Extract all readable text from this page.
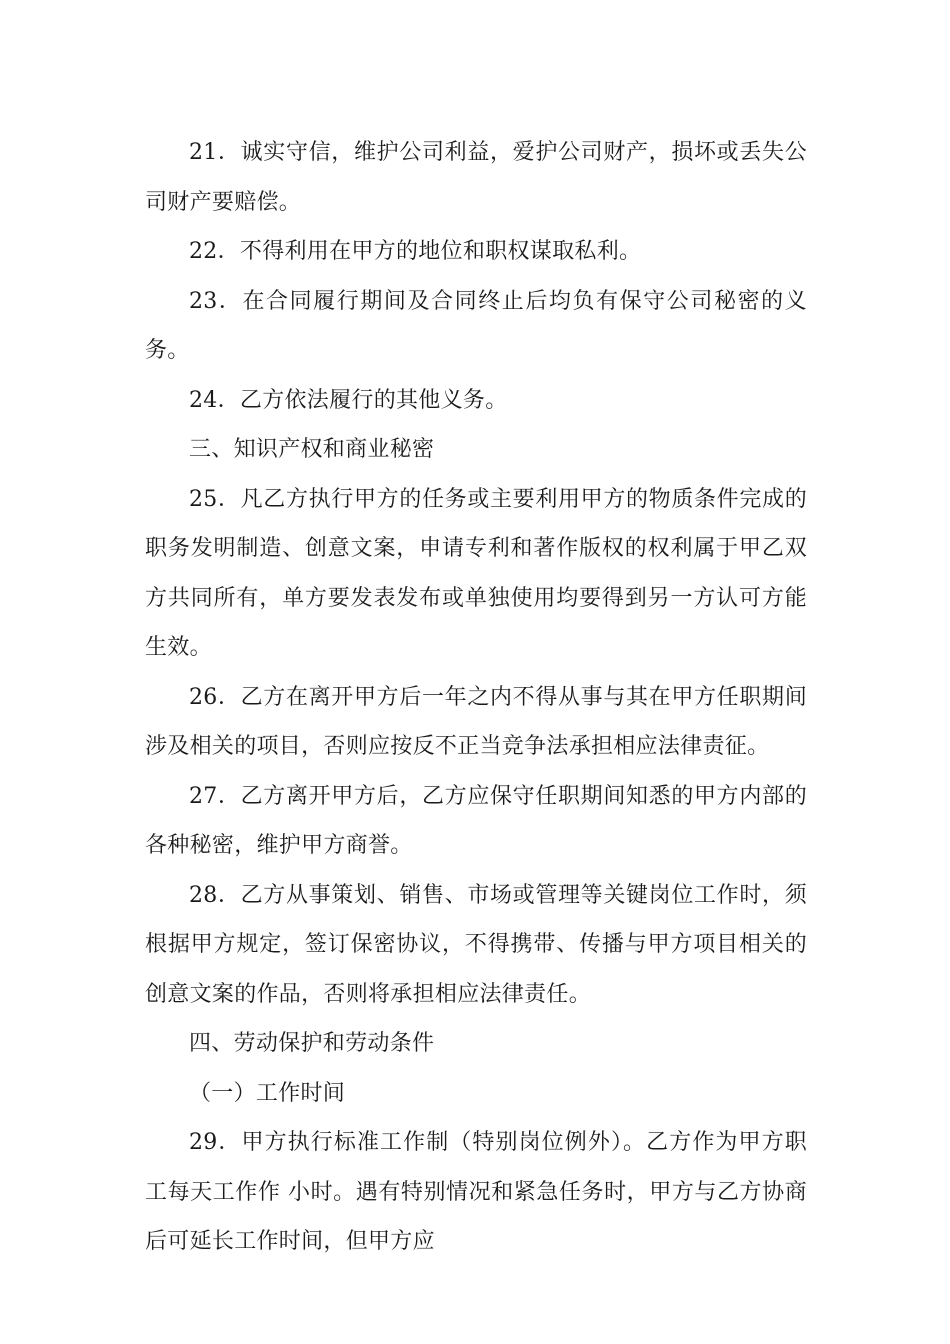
21．诚实守信，维护公司利益，爱护公司财产，损坏或丢失公司财产要赔偿。

22．不得利用在甲方的地位和职权谋取私利。

23．在合同履行期间及合同终止后均负有保守公司秘密的义务。

24．乙方依法履行的其他义务。

三、知识产权和商业秘密

25．凡乙方执行甲方的任务或主要利用甲方的物质条件完成的职务发明制造、创意文案，申请专利和著作版权的权利属于甲乙双方共同所有，单方要发表发布或单独使用均要得到另一方认可方能生效。

26．乙方在离开甲方后一年之内不得从事与其在甲方任职期间涉及相关的项目，否则应按反不正当竞争法承担相应法律责征。

27．乙方离开甲方后，乙方应保守任职期间知悉的甲方内部的各种秘密，维护甲方商誉。

28．乙方从事策划、销售、市场或管理等关键岗位工作时，须根据甲方规定，签订保密协议，不得携带、传播与甲方项目相关的创意文案的作品，否则将承担相应法律责任。

四、劳动保护和劳动条件

（一）工作时间

29．甲方执行标准工作制（特别岗位例外）。乙方作为甲方职工每天工作作 小时。遇有特别情况和紧急任务时，甲方与乙方协商后可延长工作时间，但甲方应
